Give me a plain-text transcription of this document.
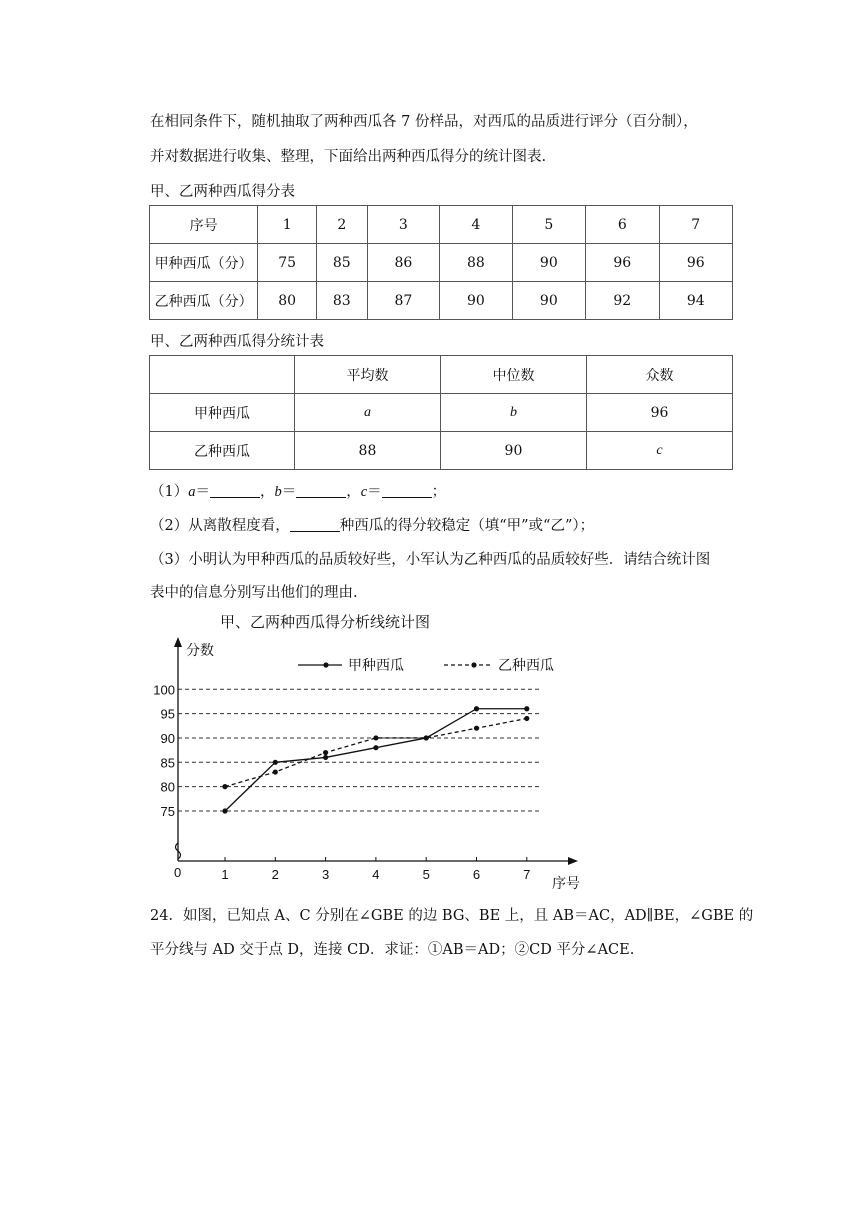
在相同条件下，随机抽取了两种西瓜各 7 份样品，对西瓜的品质进行评分（百分制），
并对数据进行收集、整理，下面给出两种西瓜得分的统计图表.
甲、乙两种西瓜得分表
序号	1	2	3	4	5	6	7
甲种西瓜（分）	75	85	86	88	90	96	96
乙种西瓜（分）	80	83	87	90	90	92	94
甲、乙两种西瓜得分统计表
	平均数	中位数	众数
甲种西瓜	a	b	96
乙种西瓜	88	90	c
（1）a＝	，b＝	，c＝	；
（2）从离散程度看，	种西瓜的得分较稳定（填“甲”或“乙”）；
（3）小明认为甲种西瓜的品质较好些，小军认为乙种西瓜的品质较好些．请结合统计图
表中的信息分别写出他们的理由.
甲、乙两种西瓜得分析线统计图
分数
序号
0
75
80
85
90
95
100
1	2	3	4	5	6	7
甲种西瓜	乙种西瓜
24．如图，已知点 A、C 分别在∠GBE 的边 BG、BE 上，且 AB＝AC，AD∥BE，∠GBE 的
平分线与 AD 交于点 D，连接 CD．求证：①AB＝AD；②CD 平分∠ACE.
